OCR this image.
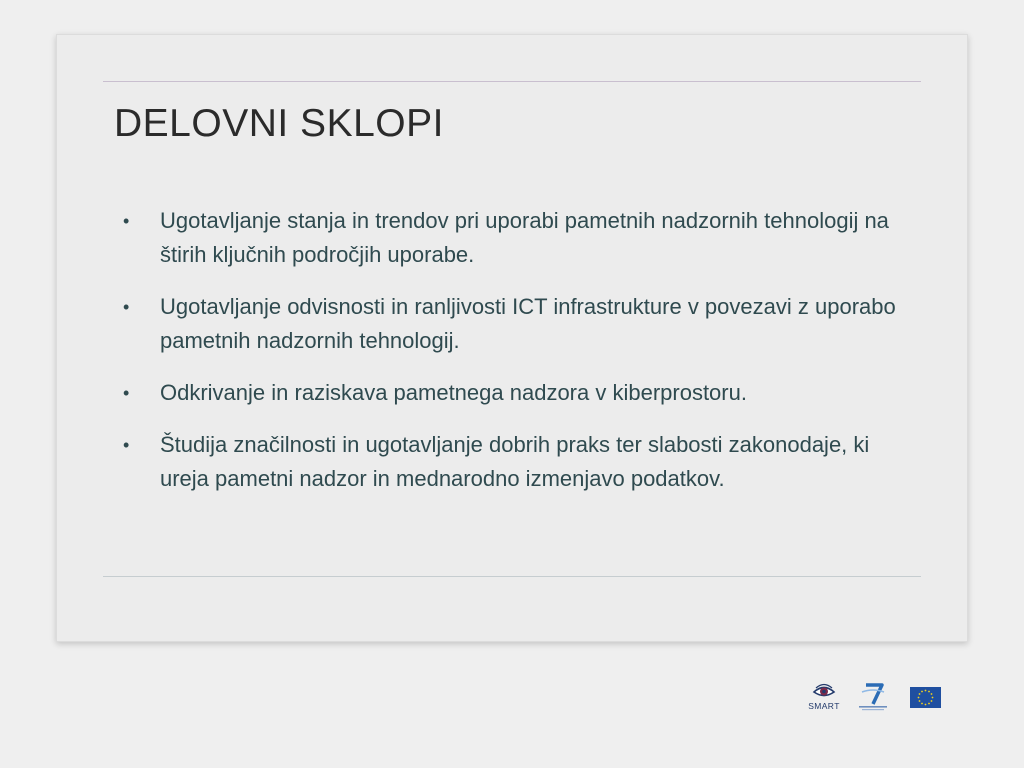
DELOVNI SKLOPI
• Ugotavljanje stanja in trendov pri uporabi pametnih nadzornih tehnologij na štirih ključnih področjih uporabe.
• Ugotavljanje odvisnosti in ranljivosti ICT infrastrukture v povezavi z uporabo pametnih nadzornih tehnologij.
• Odkrivanje in raziskava pametnega nadzora v kiberprostoru.
• Študija značilnosti in ugotavljanje dobrih praks ter slabosti zakonodaje, ki ureja pametni nadzor in mednarodno izmenjavo podatkov.
SMART
